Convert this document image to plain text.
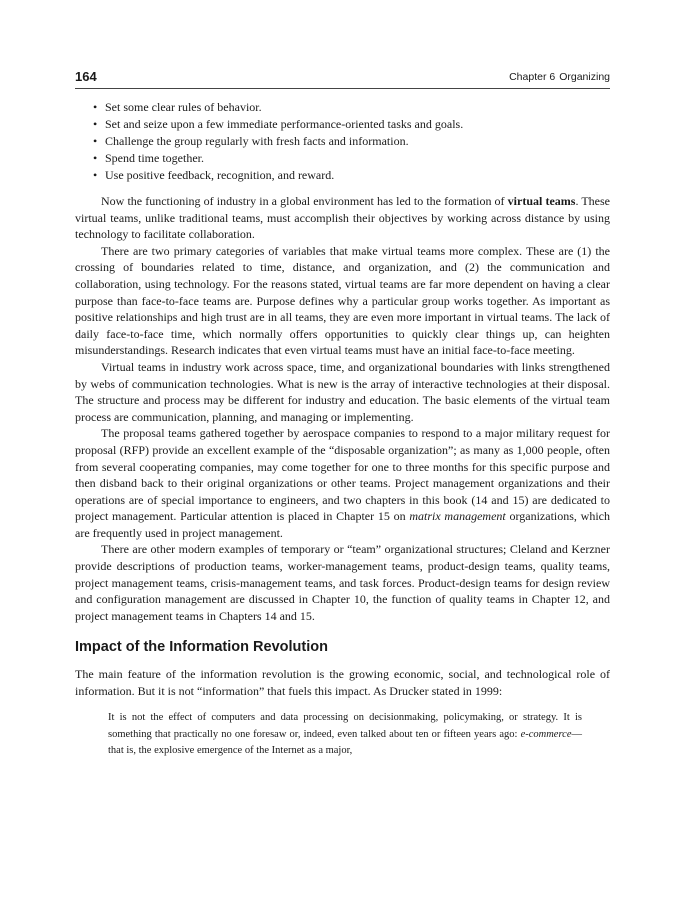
164	Chapter 6 Organizing
• Set some clear rules of behavior.
• Set and seize upon a few immediate performance-oriented tasks and goals.
• Challenge the group regularly with fresh facts and information.
• Spend time together.
• Use positive feedback, recognition, and reward.

Now the functioning of industry in a global environment has led to the formation of virtual teams. These virtual teams, unlike traditional teams, must accomplish their objectives by working across distance by using technology to facilitate collaboration.

There are two primary categories of variables that make virtual teams more complex. These are (1) the crossing of boundaries related to time, distance, and organization, and (2) the communication and collaboration, using technology. For the reasons stated, virtual teams are far more dependent on having a clear purpose than face-to-face teams are. Purpose defines why a particular group works together. As important as positive relationships and high trust are in all teams, they are even more important in virtual teams. The lack of daily face-to-face time, which normally offers opportunities to quickly clear things up, can heighten misunderstandings. Research indicates that even virtual teams must have an initial face-to-face meeting.

Virtual teams in industry work across space, time, and organizational boundaries with links strengthened by webs of communication technologies. What is new is the array of interactive technologies at their disposal. The structure and process may be different for industry and education. The basic elements of the virtual team process are communication, planning, and managing or implementing.

The proposal teams gathered together by aerospace companies to respond to a major military request for proposal (RFP) provide an excellent example of the “disposable organization”; as many as 1,000 people, often from several cooperating companies, may come together for one to three months for this specific purpose and then disband back to their original organizations or other teams. Project management organizations and their operations are of special importance to engineers, and two chapters in this book (14 and 15) are dedicated to project management. Particular attention is placed in Chapter 15 on matrix management organizations, which are frequently used in project management.

There are other modern examples of temporary or “team” organizational structures; Cleland and Kerzner provide descriptions of production teams, worker-management teams, product-design teams, quality teams, project management teams, crisis-management teams, and task forces. Product-design teams for design review and configuration management are discussed in Chapter 10, the function of quality teams in Chapter 12, and project management teams in Chapters 14 and 15.

Impact of the Information Revolution

The main feature of the information revolution is the growing economic, social, and technological role of information. But it is not “information” that fuels this impact. As Drucker stated in 1999:

It is not the effect of computers and data processing on decisionmaking, policymaking, or strategy. It is something that practically no one foresaw or, indeed, even talked about ten or fifteen years ago: e-commerce—that is, the explosive emergence of the Internet as a major,
